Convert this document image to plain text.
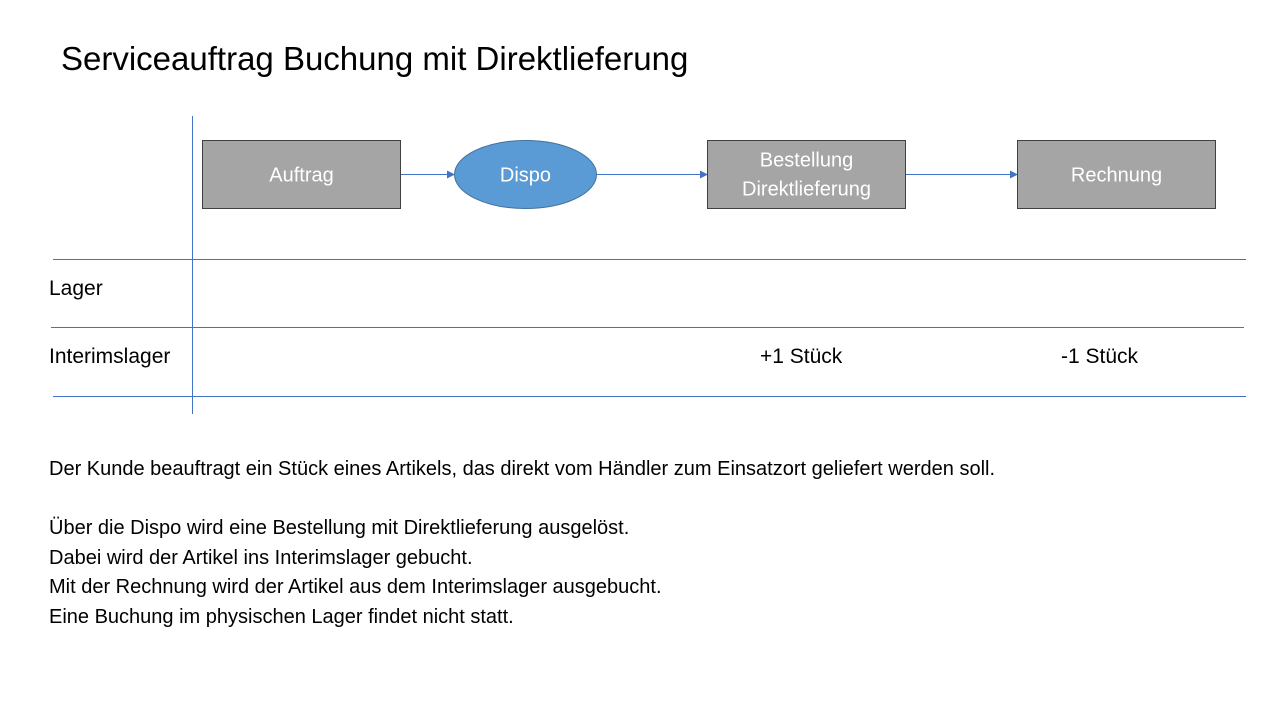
Serviceauftrag Buchung mit Direktlieferung
Auftrag	Dispo
Bestellung
Direktlieferung
Rechnung
Lager
Interimslager	+1 Stück	-1 Stück

Der Kunde beauftragt ein Stück eines Artikels, das direkt vom Händler zum Einsatzort geliefert werden soll.

Über die Dispo wird eine Bestellung mit Direktlieferung ausgelöst.

Dabei wird der Artikel ins Interimslager gebucht.

Mit der Rechnung wird der Artikel aus dem Interimslager ausgebucht.

Eine Buchung im physischen Lager findet nicht statt.
